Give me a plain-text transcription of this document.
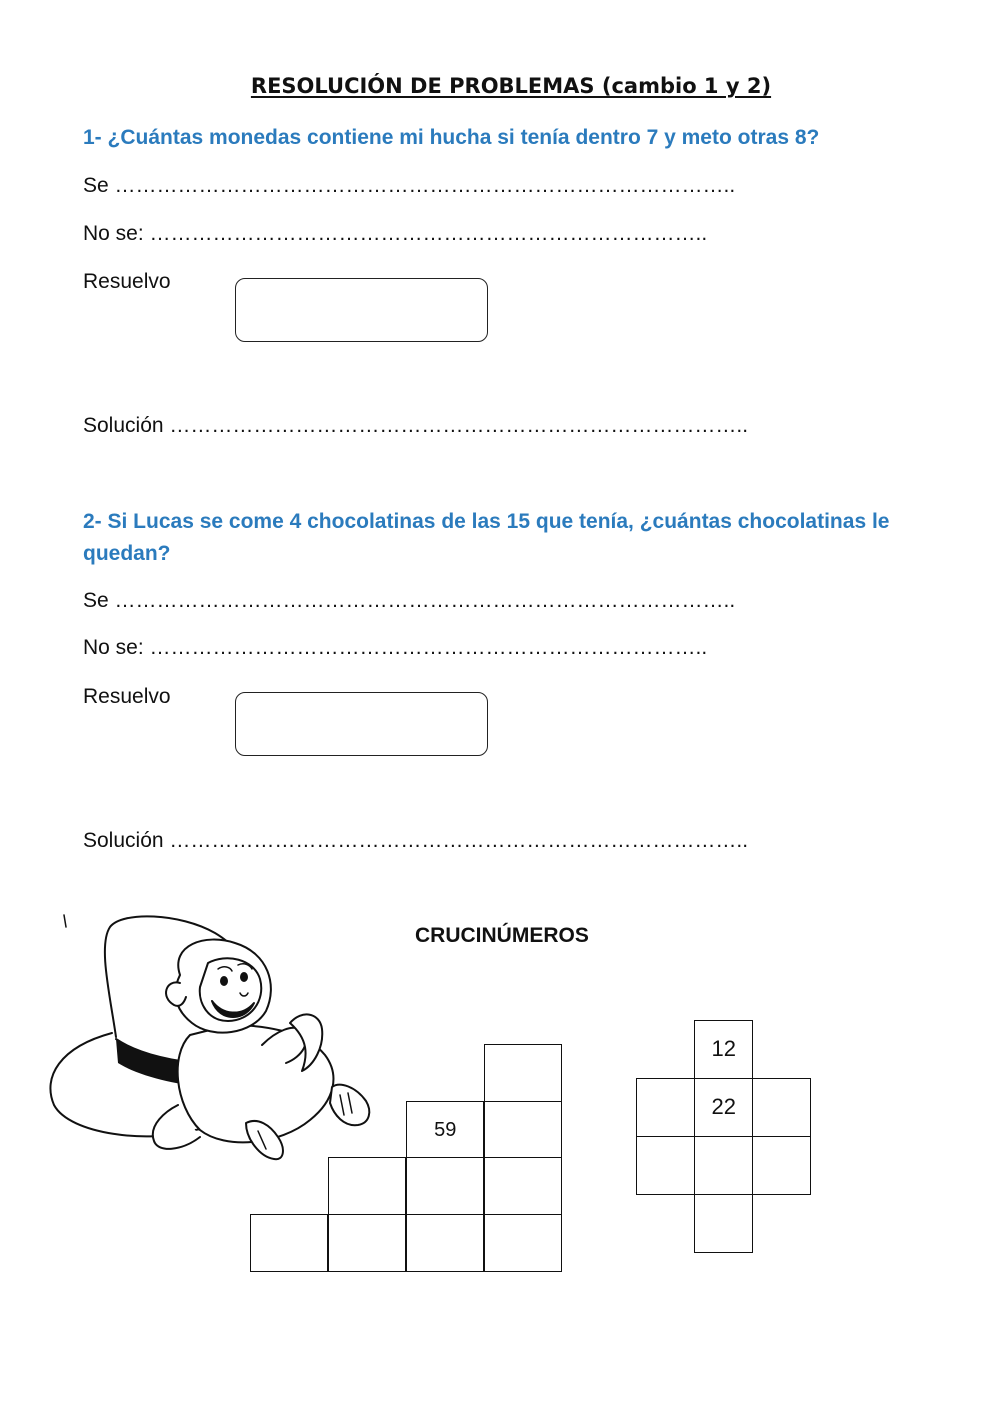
RESOLUCIÓN DE PROBLEMAS (cambio 1 y 2)

1- ¿Cuántas monedas contiene mi hucha si tenía dentro 7 y meto otras 8?

Se ……………………………………………………………………………..

No se: ……………………………………………………………………..

Resuelvo

Solución ………………………………………………………………………..

2- Si Lucas se come 4 chocolatinas de las 15 que tenía, ¿cuántas chocolatinas le quedan?

Se ……………………………………………………………………………..

No se: ……………………………………………………………………..

Resuelvo

Solución ………………………………………………………………………..

CRUCINÚMEROS

59
12
22
